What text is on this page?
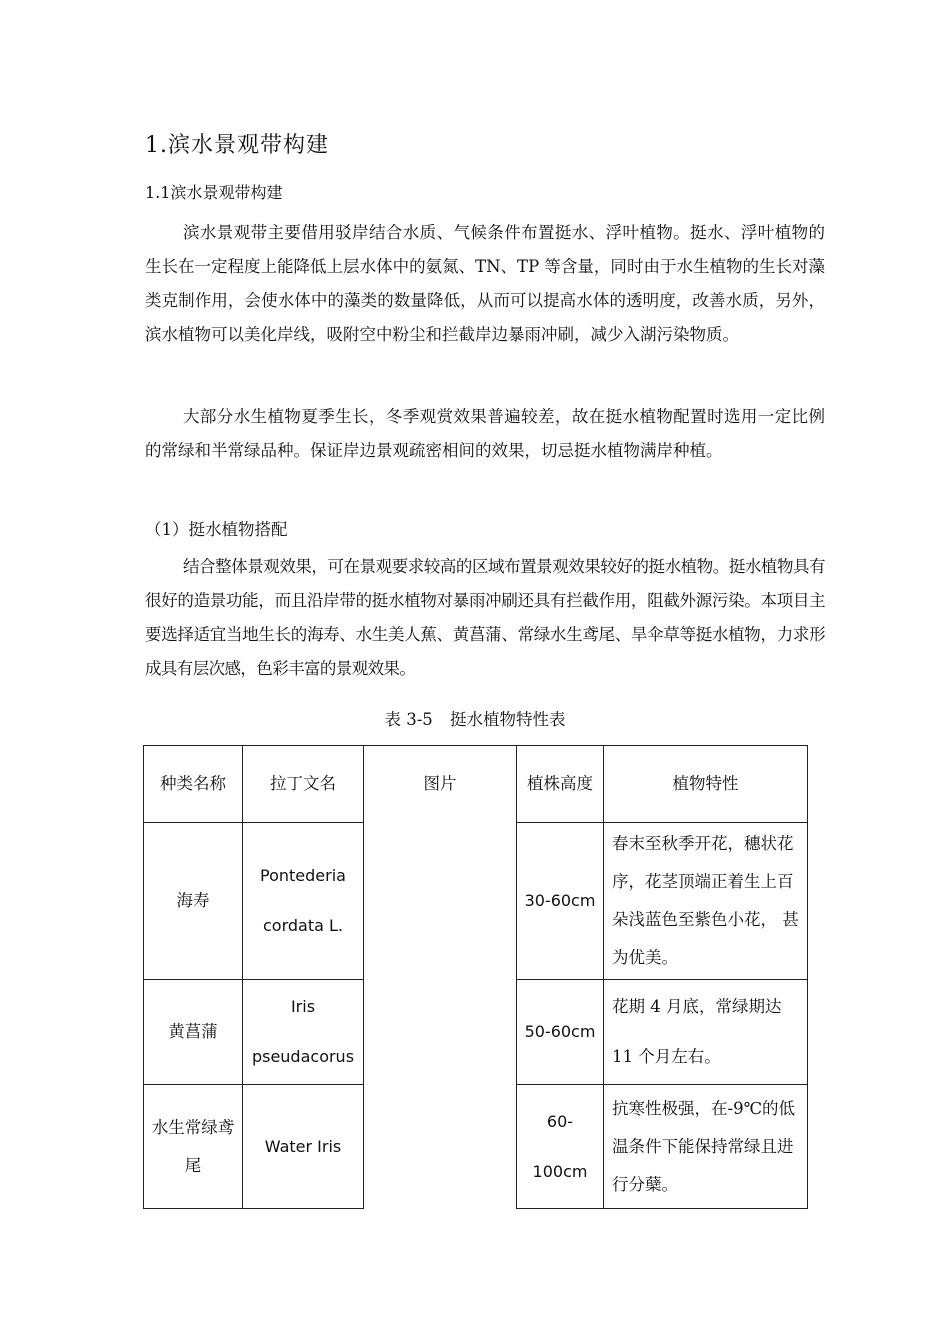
1.滨水景观带构建
1.1滨水景观带构建
滨水景观带主要借用驳岸结合水质、气候条件布置挺水、浮叶植物。挺水、浮叶植物的生长在一定程度上能降低上层水体中的氨氮、TN、TP 等含量，同时由于水生植物的生长对藻类克制作用，会使水体中的藻类的数量降低，从而可以提高水体的透明度，改善水质，另外，滨水植物可以美化岸线，吸附空中粉尘和拦截岸边暴雨冲刷，减少入湖污染物质。
大部分水生植物夏季生长，冬季观赏效果普遍较差，故在挺水植物配置时选用一定比例的常绿和半常绿品种。保证岸边景观疏密相间的效果，切忌挺水植物满岸种植。
（1）挺水植物搭配
结合整体景观效果，可在景观要求较高的区域布置景观效果较好的挺水植物。挺水植物具有很好的造景功能，而且沿岸带的挺水植物对暴雨冲刷还具有拦截作用，阻截外源污染。本项目主要选择适宜当地生长的海寿、水生美人蕉、黄菖蒲、常绿水生鸢尾、旱伞草等挺水植物，力求形成具有层次感，色彩丰富的景观效果。
表 3-5 挺水植物特性表
种类名称	拉丁文名	图片	植株高度	植物特性
海寿	Pontederia cordata L.		30-60cm	春末至秋季开花，穗状花序，花茎顶端正着生上百朵浅蓝色至紫色小花， 甚为优美。
黄菖蒲	Iris pseudacorus		50-60cm	花期 4 月底，常绿期达 11 个月左右。
水生常绿鸢尾	Water Iris		60-100cm	抗寒性极强，在-9℃的低温条件下能保持常绿且进行分蘖。
